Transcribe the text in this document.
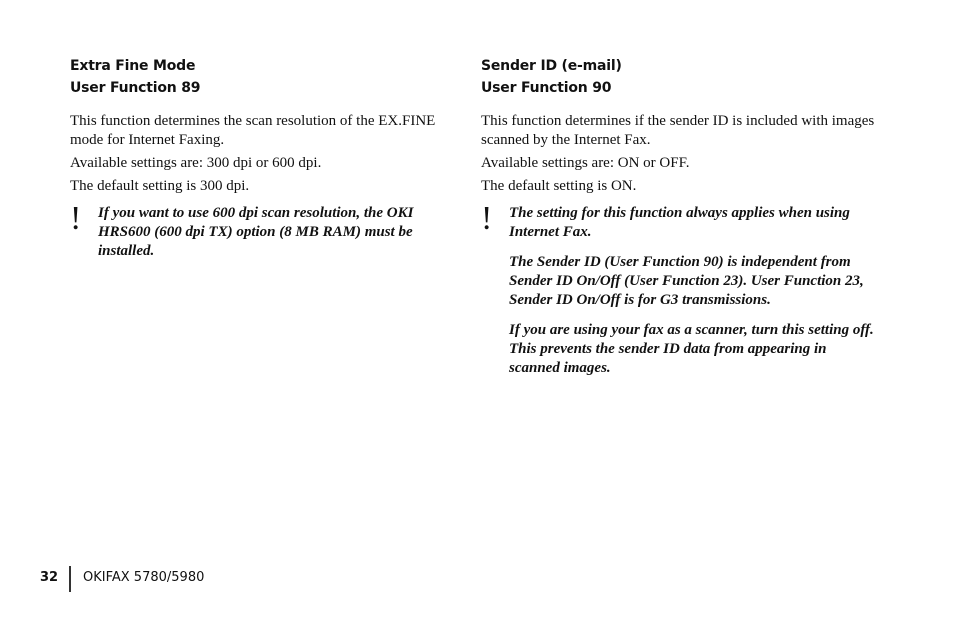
Extra Fine Mode

User Function 89

This function determines the scan resolution of the EX.FINE mode for Internet Faxing.

Available settings are: 300 dpi or 600 dpi.

The default setting is 300 dpi.

! If you want to use 600 dpi scan resolution, the OKI HRS600 (600 dpi TX) option (8 MB RAM) must be installed.

Sender ID (e-mail)

User Function 90

This function determines if the sender ID is included with images scanned by the Internet Fax.

Available settings are: ON or OFF.

The default setting is ON.

! The setting for this function always applies when using Internet Fax.

The Sender ID (User Function 90) is independent from Sender ID On/Off (User Function 23). User Function 23, Sender ID On/Off is for G3 transmissions.

If you are using your fax as a scanner, turn this setting off. This prevents the sender ID data from appearing in scanned images.

32 OKIFAX 5780/5980
